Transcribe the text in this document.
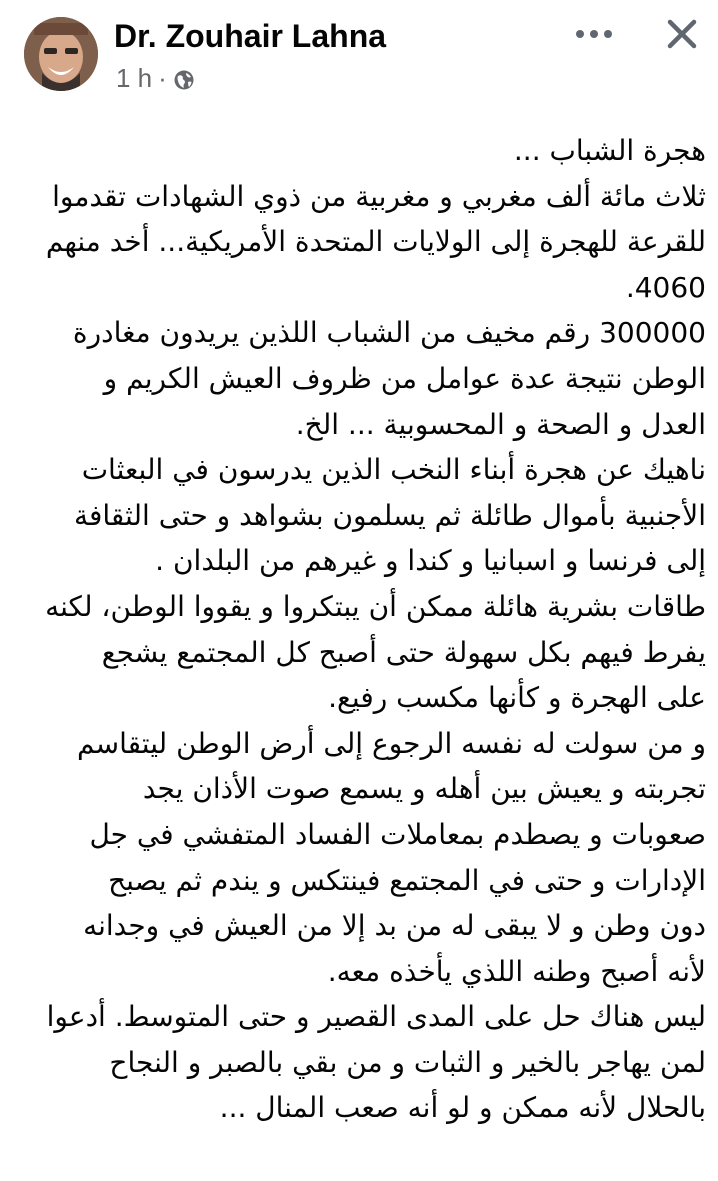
Dr. Zouhair Lahna
1 h ·
هجرة الشباب ...
ثلاث مائة ألف مغربي و مغربية من ذوي الشهادات تقدموا
للقرعة للهجرة إلى الولايات المتحدة الأمريكية... أخد منهم
4060.
300000 رقم مخيف من الشباب اللذين يريدون مغادرة
الوطن نتيجة عدة عوامل من ظروف العيش الكريم و
العدل و الصحة و المحسوبية ... الخ.
ناهيك عن هجرة أبناء النخب الذين يدرسون في البعثات
الأجنبية بأموال طائلة ثم يسلمون بشواهد و حتى الثقافة
إلى فرنسا و اسبانيا و كندا و غيرهم من البلدان .
طاقات بشرية هائلة ممكن أن يبتكروا و يقووا الوطن، لكنه
يفرط فيهم بكل سهولة حتى أصبح كل المجتمع يشجع
على الهجرة و كأنها مكسب رفيع.
و من سولت له نفسه الرجوع إلى أرض الوطن ليتقاسم
تجربته و يعيش بين أهله و يسمع صوت الأذان يجد
صعوبات و يصطدم بمعاملات الفساد المتفشي في جل
الإدارات و حتى في المجتمع فينتكس و يندم ثم يصبح
دون وطن و لا يبقى له من بد إلا من العيش في وجدانه
لأنه أصبح وطنه اللذي يأخذه معه.
ليس هناك حل على المدى القصير و حتى المتوسط. أدعوا
لمن يهاجر بالخير و الثبات و من بقي بالصبر و النجاح
بالحلال لأنه ممكن و لو أنه صعب المنال ...
